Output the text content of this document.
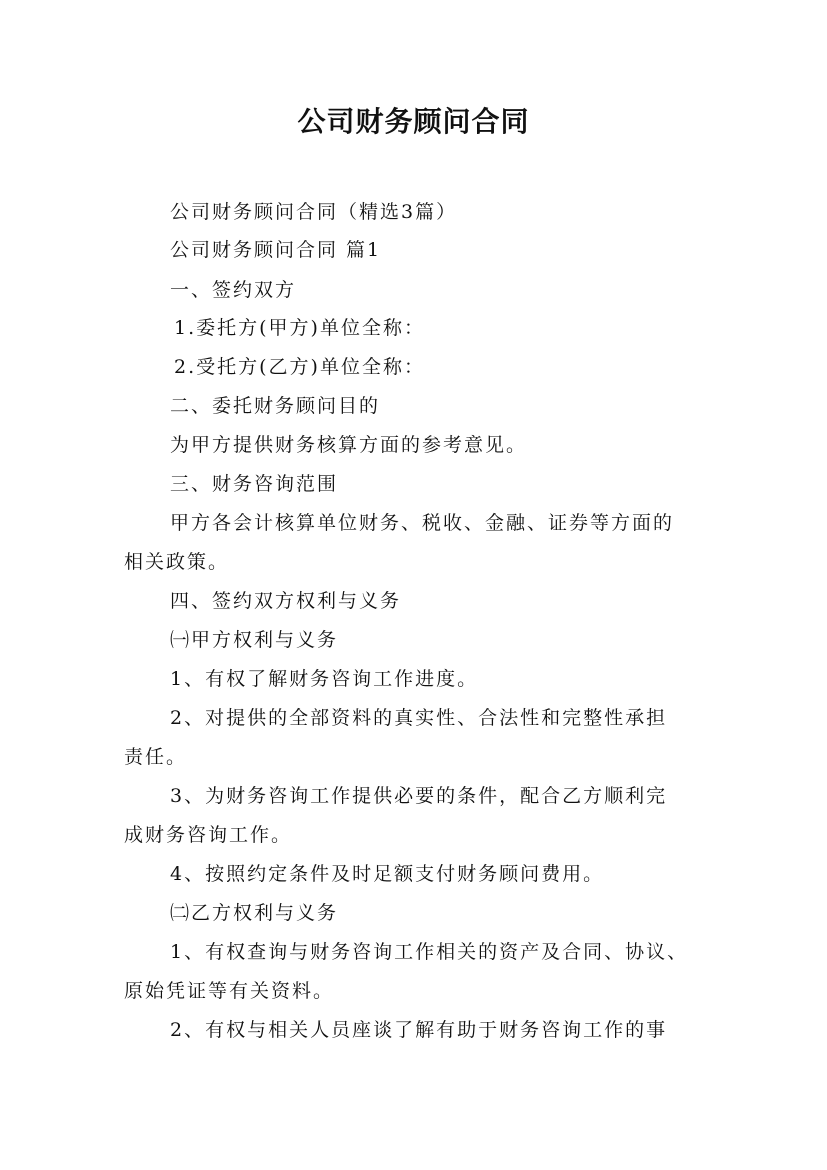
公司财务顾问合同
公司财务顾问合同（精选3篇）
公司财务顾问合同 篇1
一、签约双方
1.委托方(甲方)单位全称：
2.受托方(乙方)单位全称：
二、委托财务顾问目的
为甲方提供财务核算方面的参考意见。
三、财务咨询范围
甲方各会计核算单位财务、税收、金融、证券等方面的
相关政策。
四、签约双方权利与义务
㈠甲方权利与义务
1、有权了解财务咨询工作进度。
2、对提供的全部资料的真实性、合法性和完整性承担
责任。
3、为财务咨询工作提供必要的条件，配合乙方顺利完
成财务咨询工作。
4、按照约定条件及时足额支付财务顾问费用。
㈡乙方权利与义务
1、有权查询与财务咨询工作相关的资产及合同、协议、
原始凭证等有关资料。
2、有权与相关人员座谈了解有助于财务咨询工作的事
